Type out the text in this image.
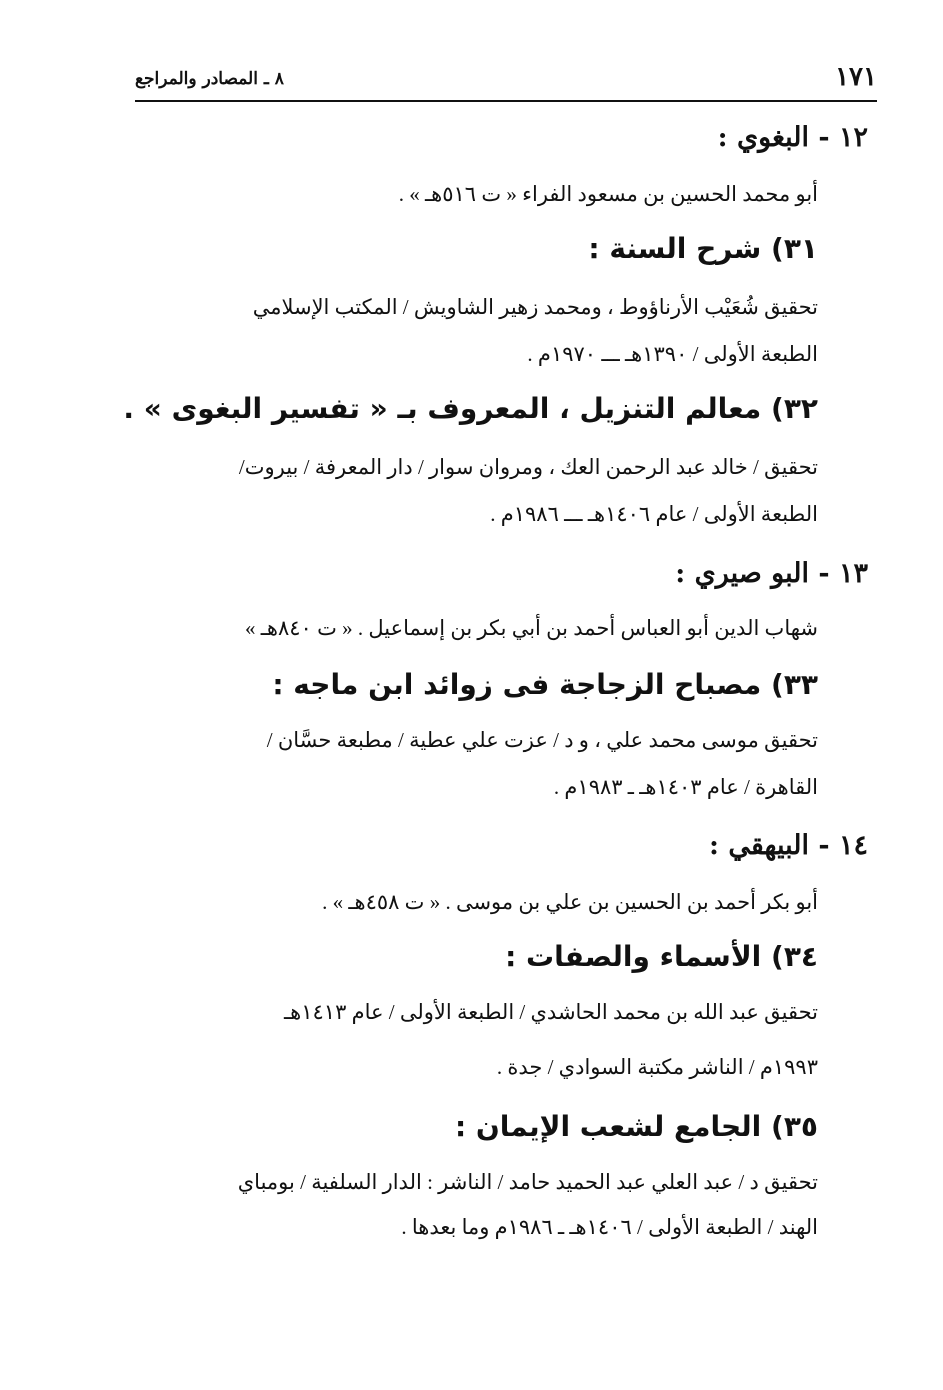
١٧١
٨ ـ المصادر والمراجع
١٢ - البغوي :
أبو محمد الحسين بن مسعود الفراء « ت ٥١٦هـ » .
٣١) شرح السنة :
تحقيق شُعَيْب الأرناؤوط ، ومحمد زهير الشاويش / المكتب الإسلامي
الطبعة الأولى / ١٣٩٠هـ ـــ ١٩٧٠م .
٣٢) معالم التنزيل ، المعروف بـ « تفسير البغوى » .
تحقيق / خالد عبد الرحمن العك ، ومروان سوار / دار المعرفة / بيروت/
الطبعة الأولى / عام ١٤٠٦هـ ـــ ١٩٨٦م .
١٣ - البو صيري :
شهاب الدين أبو العباس أحمد بن أبي بكر بن إسماعيل . « ت ٨٤٠هـ »
٣٣) مصباح الزجاجة فى زوائد ابن ماجه :
تحقيق موسى محمد علي ، و د / عزت علي عطية / مطبعة حسَّان /
القاهرة / عام ١٤٠٣هـ ـ ١٩٨٣م .
١٤ - البيهقي :
أبو بكر أحمد بن الحسين بن علي بن موسى . « ت ٤٥٨هـ » .
٣٤) الأسماء والصفات :
تحقيق عبد الله بن محمد الحاشدي / الطبعة الأولى / عام ١٤١٣هـ
١٩٩٣م / الناشر مكتبة السوادي / جدة .
٣٥) الجامع لشعب الإيمان :
تحقيق د / عبد العلي عبد الحميد حامد / الناشر : الدار السلفية / بومباي
الهند / الطبعة الأولى / ١٤٠٦هـ ـ ١٩٨٦م وما بعدها .
